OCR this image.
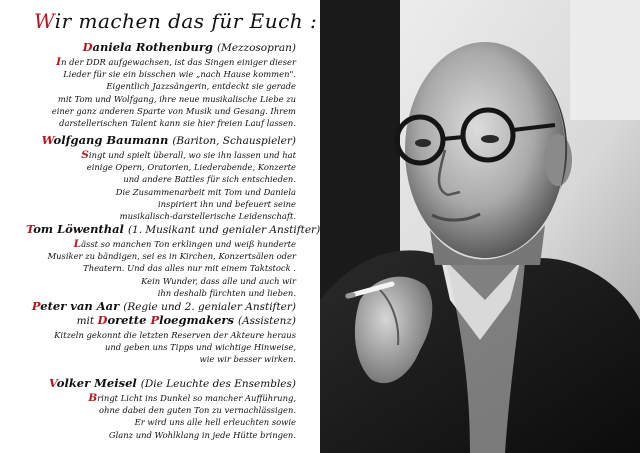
Wir machen das für Euch :
Daniela Rothenburg (Mezzosopran)
In der DDR aufgewachsen, ist das Singen einiger dieser
Lieder für sie ein bisschen wie „nach Hause kommen".
Eigentlich Jazzsängerin, entdeckt sie gerade
mit Tom und Wolfgang, ihre neue musikalische Liebe zu
einer ganz anderen Sparte von Musik und Gesang. Ihrem
darstellerischen Talent kann sie hier freien Lauf lassen.
Wolfgang Baumann (Bariton, Schauspieler)
Singt und spielt überall, wo sie ihn lassen und hat
einige Opern, Oratorien, Liederabende, Konzerte
und andere Battles für sich entschieden.
Die Zusammenarbeit mit Tom und Daniela
inspiriert ihn und befeuert seine
musikalisch-darstellerische Leidenschaft.
Tom Löwenthal (1. Musikant und genialer Anstifter)
Lässt so manchen Ton erklingen und weiß hunderte
Musiker zu bändigen, sei es in Kirchen, Konzertsälen oder
Theatern. Und das alles nur mit einem Taktstock .
Kein Wunder, dass alle und auch wir
ihn deshalb fürchten und lieben.
Peter van Aar (Regie und 2. genialer Anstifter)
mit Dorette Ploegmakers (Assistenz)
Kitzeln gekonnt die letzten Reserven der Akteure heraus
und geben uns Tipps und wichtige Hinweise,
wie wir besser wirken.
Volker Meisel (Die Leuchte des Ensembles)
Bringt Licht ins Dunkel so mancher Aufführung,
ohne dabei den guten Ton zu vernachlässigen.
Er wird uns alle hell erleuchten sowie
Glanz und Wohlklang in jede Hütte bringen.
